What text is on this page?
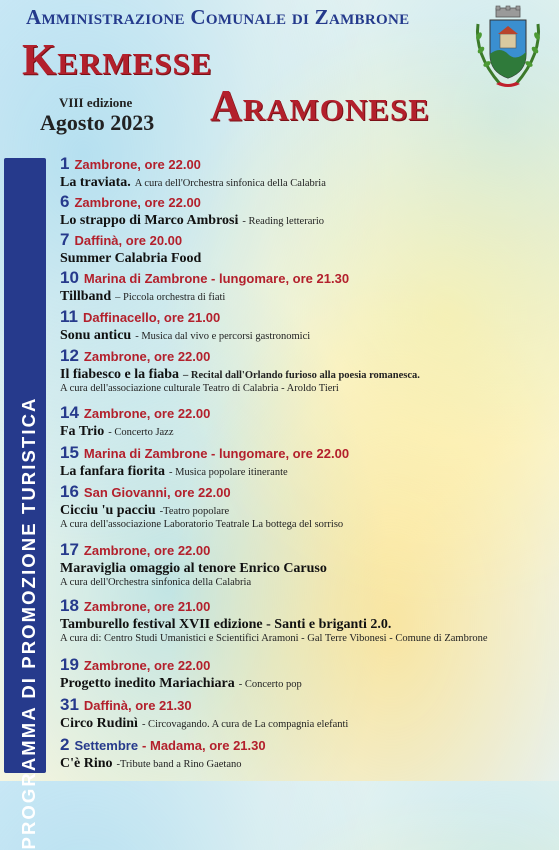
Amministrazione Comunale di Zambrone
Kermesse
VIII edizione
Agosto 2023 Aramonese
PROGRAMMA DI PROMOZIONE TURISTICA
1 Zambrone, ore 22.00
La traviata. A cura dell'Orchestra sinfonica della Calabria
6 Zambrone, ore 22.00
Lo strappo di Marco Ambrosi - Reading letterario
7 Daffinà, ore 20.00
Summer Calabria Food
10 Marina di Zambrone - lungomare, ore 21.30
Tillband – Piccola orchestra di fiati
11 Daffinacello, ore 21.00
Sonu anticu - Musica dal vivo e percorsi gastronomici
12 Zambrone, ore 22.00
Il fiabesco e la fiaba – Recital dall'Orlando furioso alla poesia romanesca.
A cura dell'associazione culturale Teatro di Calabria - Aroldo Tieri
14 Zambrone, ore 22.00
Fa Trio - Concerto Jazz
15 Marina di Zambrone - lungomare, ore 22.00
La fanfara fiorita - Musica popolare itinerante
16 San Giovanni, ore 22.00
Cicciu 'u pacciu -Teatro popolare
A cura dell'associazione Laboratorio Teatrale La bottega del sorriso
17 Zambrone, ore 22.00
Maraviglia omaggio al tenore Enrico Caruso
A cura dell'Orchestra sinfonica della Calabria
18 Zambrone, ore 21.00
Tamburello festival XVII edizione - Santi e briganti 2.0.
A cura di: Centro Studi Umanistici e Scientifici Aramoni - Gal Terre Vibonesi - Comune di Zambrone
19 Zambrone, ore 22.00
Progetto inedito Mariachiara - Concerto pop
31 Daffinà, ore 21.30
Circo Rudinì - Circovagando. A cura de La compagnia elefanti
2 Settembre - Madama, ore 21.30
C'è Rino -Tribute band a Rino Gaetano
